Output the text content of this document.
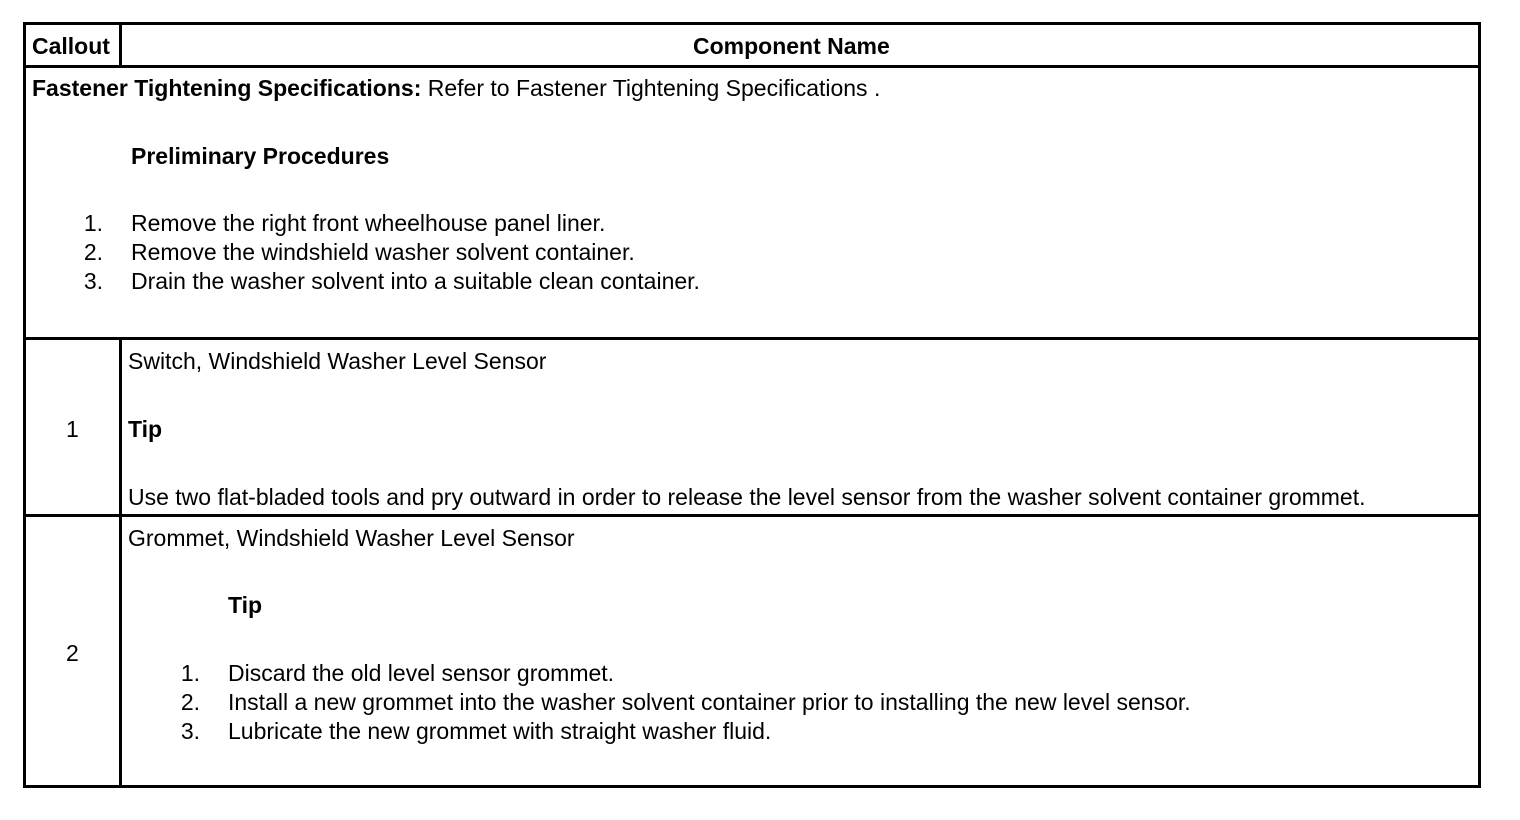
Callout	Component Name
Fastener Tightening Specifications: Refer to Fastener Tightening Specifications .
Preliminary Procedures
1. Remove the right front wheelhouse panel liner.
2. Remove the windshield washer solvent container.
3. Drain the washer solvent into a suitable clean container.
1
Switch, Windshield Washer Level Sensor
Tip
Use two flat-bladed tools and pry outward in order to release the level sensor from the washer solvent container grommet.
2
Grommet, Windshield Washer Level Sensor
Tip
1. Discard the old level sensor grommet.
2. Install a new grommet into the washer solvent container prior to installing the new level sensor.
3. Lubricate the new grommet with straight washer fluid.
